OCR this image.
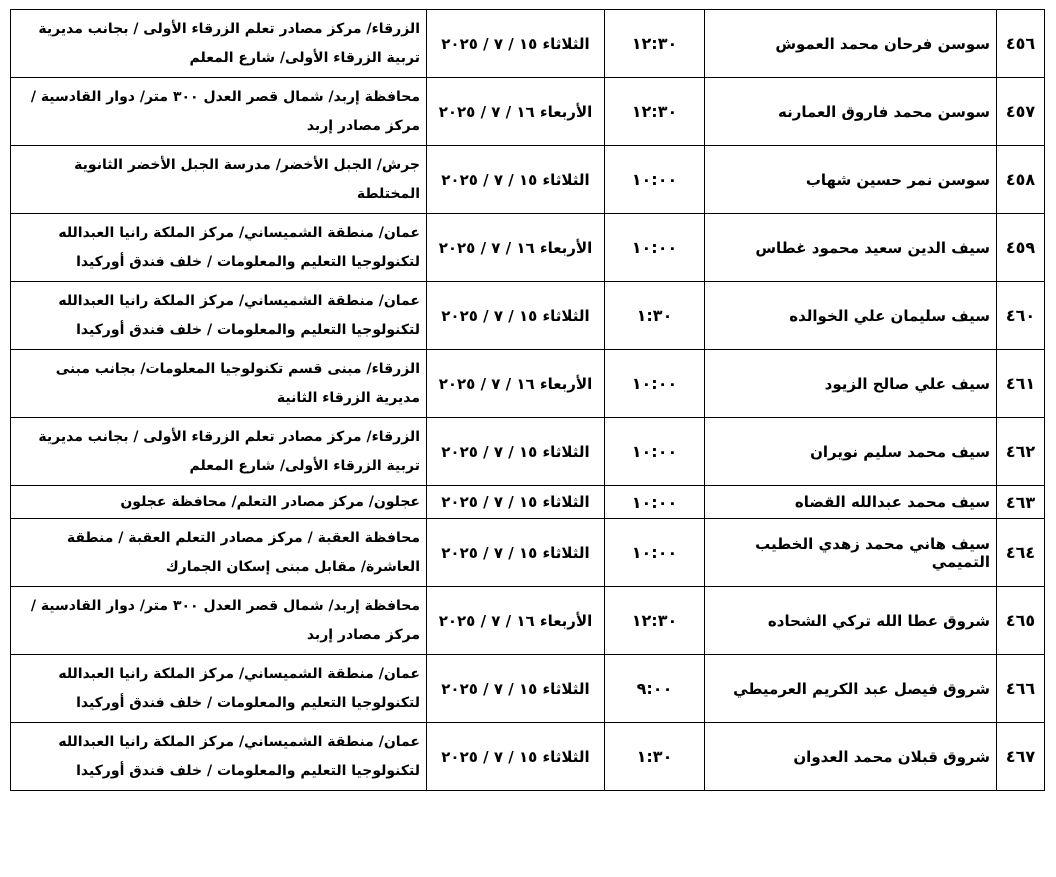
٤٥٦	سوسن فرحان محمد العموش	١٢:٣٠	الثلاثاء ١٥ / ٧ / ٢٠٢٥	الزرقاء/ مركز مصادر تعلم الزرقاء الأولى / بجانب مديرية تربية الزرقاء الأولى/ شارع المعلم
٤٥٧	سوسن محمد فاروق العمارنه	١٢:٣٠	الأربعاء ١٦ / ٧ / ٢٠٢٥	محافظة إربد/ شمال قصر العدل ٣٠٠ متر/ دوار القادسية / مركز مصادر إربد
٤٥٨	سوسن نمر حسين شهاب	١٠:٠٠	الثلاثاء ١٥ / ٧ / ٢٠٢٥	جرش/ الجبل الأخضر/ مدرسة الجبل الأخضر الثانوية المختلطة
٤٥٩	سيف الدين سعيد محمود غطاس	١٠:٠٠	الأربعاء ١٦ / ٧ / ٢٠٢٥	عمان/ منطقة الشميساني/ مركز الملكة رانيا العبدالله لتكنولوجيا التعليم والمعلومات / خلف فندق أوركيدا
٤٦٠	سيف سليمان علي الخوالده	١:٣٠	الثلاثاء ١٥ / ٧ / ٢٠٢٥	عمان/ منطقة الشميساني/ مركز الملكة رانيا العبدالله لتكنولوجيا التعليم والمعلومات / خلف فندق أوركيدا
٤٦١	سيف علي صالح الزيود	١٠:٠٠	الأربعاء ١٦ / ٧ / ٢٠٢٥	الزرقاء/ مبنى قسم تكنولوجيا المعلومات/ بجانب مبنى مديرية الزرقاء الثانية
٤٦٢	سيف محمد سليم نويران	١٠:٠٠	الثلاثاء ١٥ / ٧ / ٢٠٢٥	الزرقاء/ مركز مصادر تعلم الزرقاء الأولى / بجانب مديرية تربية الزرقاء الأولى/ شارع المعلم
٤٦٣	سيف محمد عبدالله القضاه	١٠:٠٠	الثلاثاء ١٥ / ٧ / ٢٠٢٥	عجلون/ مركز مصادر التعلم/ محافظة عجلون
٤٦٤	سيف هاني محمد زهدي الخطيب التميمي	١٠:٠٠	الثلاثاء ١٥ / ٧ / ٢٠٢٥	محافظة العقبة / مركز مصادر التعلم العقبة / منطقة العاشرة/ مقابل مبنى إسكان الجمارك
٤٦٥	شروق عطا الله تركي الشحاده	١٢:٣٠	الأربعاء ١٦ / ٧ / ٢٠٢٥	محافظة إربد/ شمال قصر العدل ٣٠٠ متر/ دوار القادسية / مركز مصادر إربد
٤٦٦	شروق فيصل عبد الكريم العرميطي	٩:٠٠	الثلاثاء ١٥ / ٧ / ٢٠٢٥	عمان/ منطقة الشميساني/ مركز الملكة رانيا العبدالله لتكنولوجيا التعليم والمعلومات / خلف فندق أوركيدا
٤٦٧	شروق قبلان محمد العدوان	١:٣٠	الثلاثاء ١٥ / ٧ / ٢٠٢٥	عمان/ منطقة الشميساني/ مركز الملكة رانيا العبدالله لتكنولوجيا التعليم والمعلومات / خلف فندق أوركيدا
